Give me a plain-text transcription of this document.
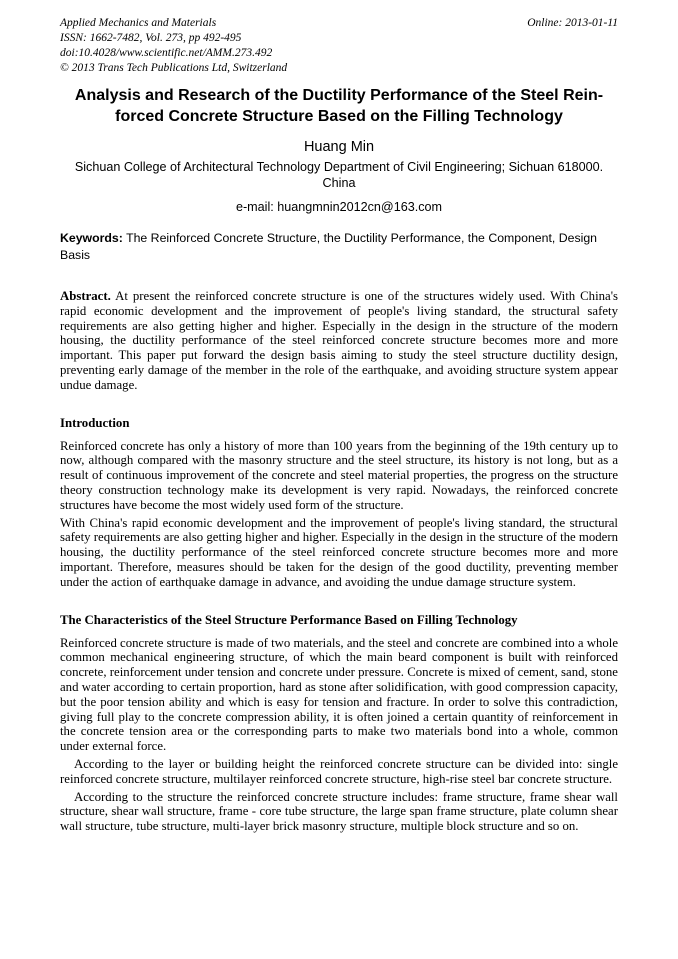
Applied Mechanics and Materials
ISSN: 1662-7482, Vol. 273, pp 492-495
doi:10.4028/www.scientific.net/AMM.273.492
© 2013 Trans Tech Publications Ltd, Switzerland
Online: 2013-01-11
Analysis and Research of the Ductility Performance of the Steel Rein-
forced Concrete Structure Based on the Filling Technology
Huang Min
Sichuan College of Architectural Technology Department of Civil Engineering; Sichuan 618000.
China
e-mail: huangmnin2012cn@163.com

Keywords: The Reinforced Concrete Structure, the Ductility Performance, the Component, Design Basis

Abstract. At present the reinforced concrete structure is one of the structures widely used. With China's rapid economic development and the improvement of people's living standard, the structural safety requirements are also getting higher and higher. Especially in the design in the structure of the modern housing, the ductility performance of the steel reinforced concrete structure becomes more and more important. This paper put forward the design basis aiming to study the steel structure ductility design, preventing early damage of the member in the role of the earthquake, and avoiding structure system appear undue damage.

Introduction

Reinforced concrete has only a history of more than 100 years from the beginning of the 19th century up to now, although compared with the masonry structure and the steel structure, its history is not long, but as a result of continuous improvement of the concrete and steel material properties, the progress on the structure theory construction technology make its development is very rapid. Nowadays, the reinforced concrete structures have become the most widely used form of the structure.

With China's rapid economic development and the improvement of people's living standard, the structural safety requirements are also getting higher and higher. Especially in the design in the structure of the modern housing, the ductility performance of the steel reinforced concrete structure becomes more and more important. Therefore, measures should be taken for the design of the good ductility, preventing member under the action of earthquake damage in advance, and avoiding the undue damage structure system.

The Characteristics of the Steel Structure Performance Based on Filling Technology

Reinforced concrete structure is made of two materials, and the steel and concrete are combined into a whole common mechanical engineering structure, of which the main beard component is built with reinforced concrete, reinforcement under tension and concrete under pressure. Concrete is mixed of cement, sand, stone and water according to certain proportion, hard as stone after solidification, with good compression capacity, but the poor tension ability and which is easy for tension and fracture. In order to solve this contradiction, giving full play to the concrete compression ability, it is often joined a certain quantity of reinforcement in the concrete tension area or the corresponding parts to make two materials bond into a whole, common under external force.

According to the layer or building height the reinforced concrete structure can be divided into: single reinforced concrete structure, multilayer reinforced concrete structure, high-rise steel bar concrete structure.

According to the structure the reinforced concrete structure includes: frame structure, frame shear wall structure, shear wall structure, frame - core tube structure, the large span frame structure, plate column shear wall structure, tube structure, multi-layer brick masonry structure, multiple block structure and so on.
